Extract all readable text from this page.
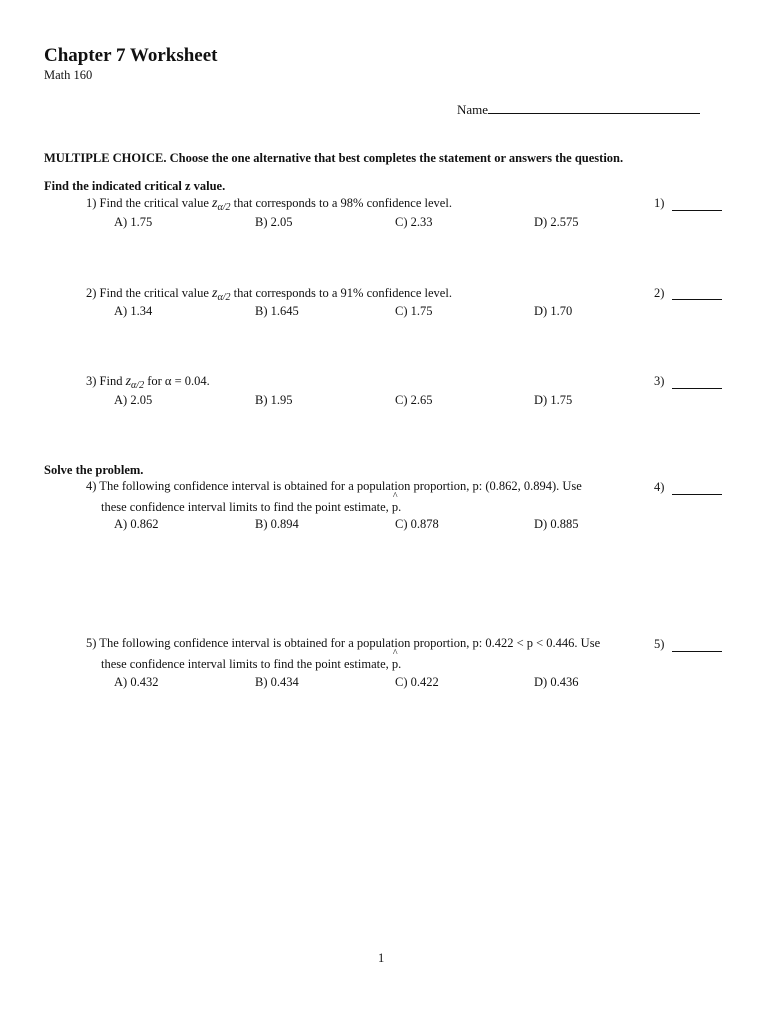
Chapter 7 Worksheet
Math 160
Name
MULTIPLE CHOICE. Choose the one alternative that best completes the statement or answers the question.
Find the indicated critical z value.
1) Find the critical value $z_{\alpha/2}$ that corresponds to a 98% confidence level.	1)
A) 1.75	B) 2.05	C) 2.33	D) 2.575
2) Find the critical value $z_{\alpha/2}$ that corresponds to a 91% confidence level.	2)
A) 1.34	B) 1.645	C) 1.75	D) 1.70
3) Find $z_{\alpha/2}$ for α = 0.04.	3)
A) 2.05	B) 1.95	C) 2.65	D) 1.75
Solve the problem.
4) The following confidence interval is obtained for a population proportion, p: (0.862, 0.894). Use	4)
these confidence interval limits to find the point estimate,
^
p.
A) 0.862	B) 0.894	C) 0.878	D) 0.885
5) The following confidence interval is obtained for a population proportion, p: 0.422 < p < 0.446. Use	5)
these confidence interval limits to find the point estimate,
^
p.
A) 0.432	B) 0.434	C) 0.422	D) 0.436
1
